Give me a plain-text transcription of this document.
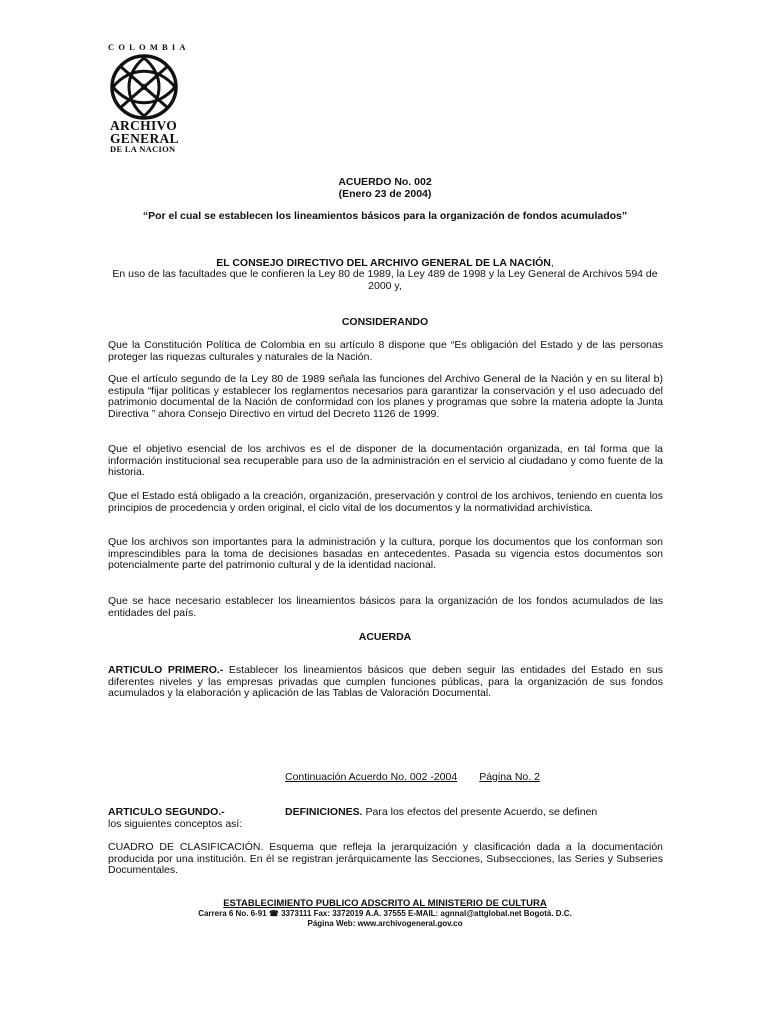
COLOMBIA
ARCHIVO
GENERAL
DE LA NACION
ACUERDO No. 002
(Enero 23 de 2004)
“Por el cual se establecen los lineamientos básicos para la organización de fondos acumulados”
EL CONSEJO DIRECTIVO DEL ARCHIVO GENERAL DE LA NACIÓN,
En uso de las facultades que le confieren la Ley 80 de 1989, la Ley 489 de 1998 y la Ley General de Archivos 594 de 2000 y,
CONSIDERANDO
Que la Constitución Política de Colombia en su artículo 8 dispone que “Es obligación del Estado y de las personas proteger las riquezas culturales y naturales de la Nación.
Que el artículo segundo de la Ley 80 de 1989 señala las funciones del Archivo General de la Nación y en su literal b) estipula “fijar políticas y establecer los reglamentos necesarios para garantizar la conservación y el uso adecuado del patrimonio documental de la Nación de conformidad con los planes y programas que sobre la materia adopte la Junta Directiva ” ahora Consejo Directivo en virtud del Decreto 1126 de 1999.
Que el objetivo esencial de los archivos es el de disponer de la documentación organizada, en tal forma que la información institucional sea recuperable para uso de la administración en el servicio al ciudadano y como fuente de la historia.
Que el Estado está obligado a la creación, organización, preservación y control de los archivos, teniendo en cuenta los principios de procedencia y orden original, el ciclo vital de los documentos y la normatividad archivística.
Que los archivos son importantes para la administración y la cultura, porque los documentos que los conforman son imprescindibles para la toma de decisiones basadas en antecedentes. Pasada su vigencia estos documentos son potencialmente parte del patrimonio cultural y de la identidad nacional.
Que se hace necesario establecer los lineamientos básicos para la organización de los fondos acumulados de las entidades del país.
ACUERDA
ARTICULO PRIMERO.- Establecer los lineamientos básicos que deben seguir las entidades del Estado en sus diferentes niveles y las empresas privadas que cumplen funciones públicas, para la organización de sus fondos acumulados y la elaboración y aplicación de las Tablas de Valoración Documental.
Continuación Acuerdo No. 002 -2004 Página No. 2
ARTICULO SEGUNDO.-	DEFINICIONES. Para los efectos del presente Acuerdo, se definen
los siguientes conceptos así:
CUADRO DE CLASIFICACIÓN. Esquema que refleja la jerarquización y clasificación dada a la documentación producida por una institución. En él se registran jerárquicamente las Secciones, Subsecciones, las Series y Subseries Documentales.
ESTABLECIMIENTO PUBLICO ADSCRITO AL MINISTERIO DE CULTURA
Carrera 6 No. 6-91 ☎ 3373111 Fax: 3372019 A.A. 37555 E-MAIL: agnnal@attglobal.net Bogotá. D.C.
Página Web: www.archivogeneral.gov.co
